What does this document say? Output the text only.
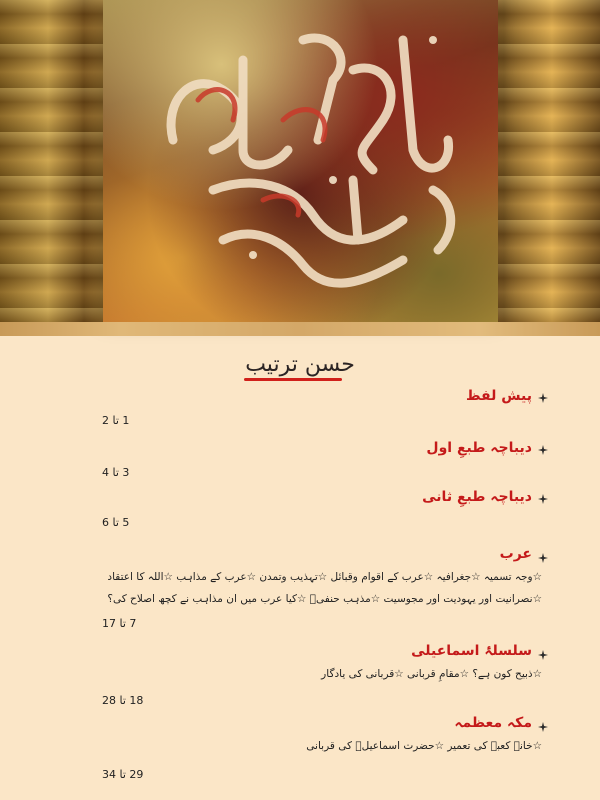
حسنِ ترتیب
پیش لفظ
1 تا 2
دیباچہ طبعِ اول
3 تا 4
دیباچہ طبعِ ثانی
5 تا 6
عرب
☆وجہ تسمیہ ☆جغرافیہ ☆عرب کے اقوام وقبائل ☆تہذیب وتمدن ☆عرب کے مذاہب ☆اللہ کا اعتقاد
☆نصرانیت اور یہودیت اور مجوسیت ☆مذہب حنفیؑ ☆کیا عرب میں ان مذاہب نے کچھ اصلاح کی؟
7 تا 17
سلسلۂ اسماعیلی
☆ذبیح کون ہے؟ ☆مقامِ قربانی ☆قربانی کی یادگار
18 تا 28
مکہ معظمہ
☆خانہ کعبہ کی تعمیر ☆حضرت اسماعیلؑ کی قربانی
29 تا 34
